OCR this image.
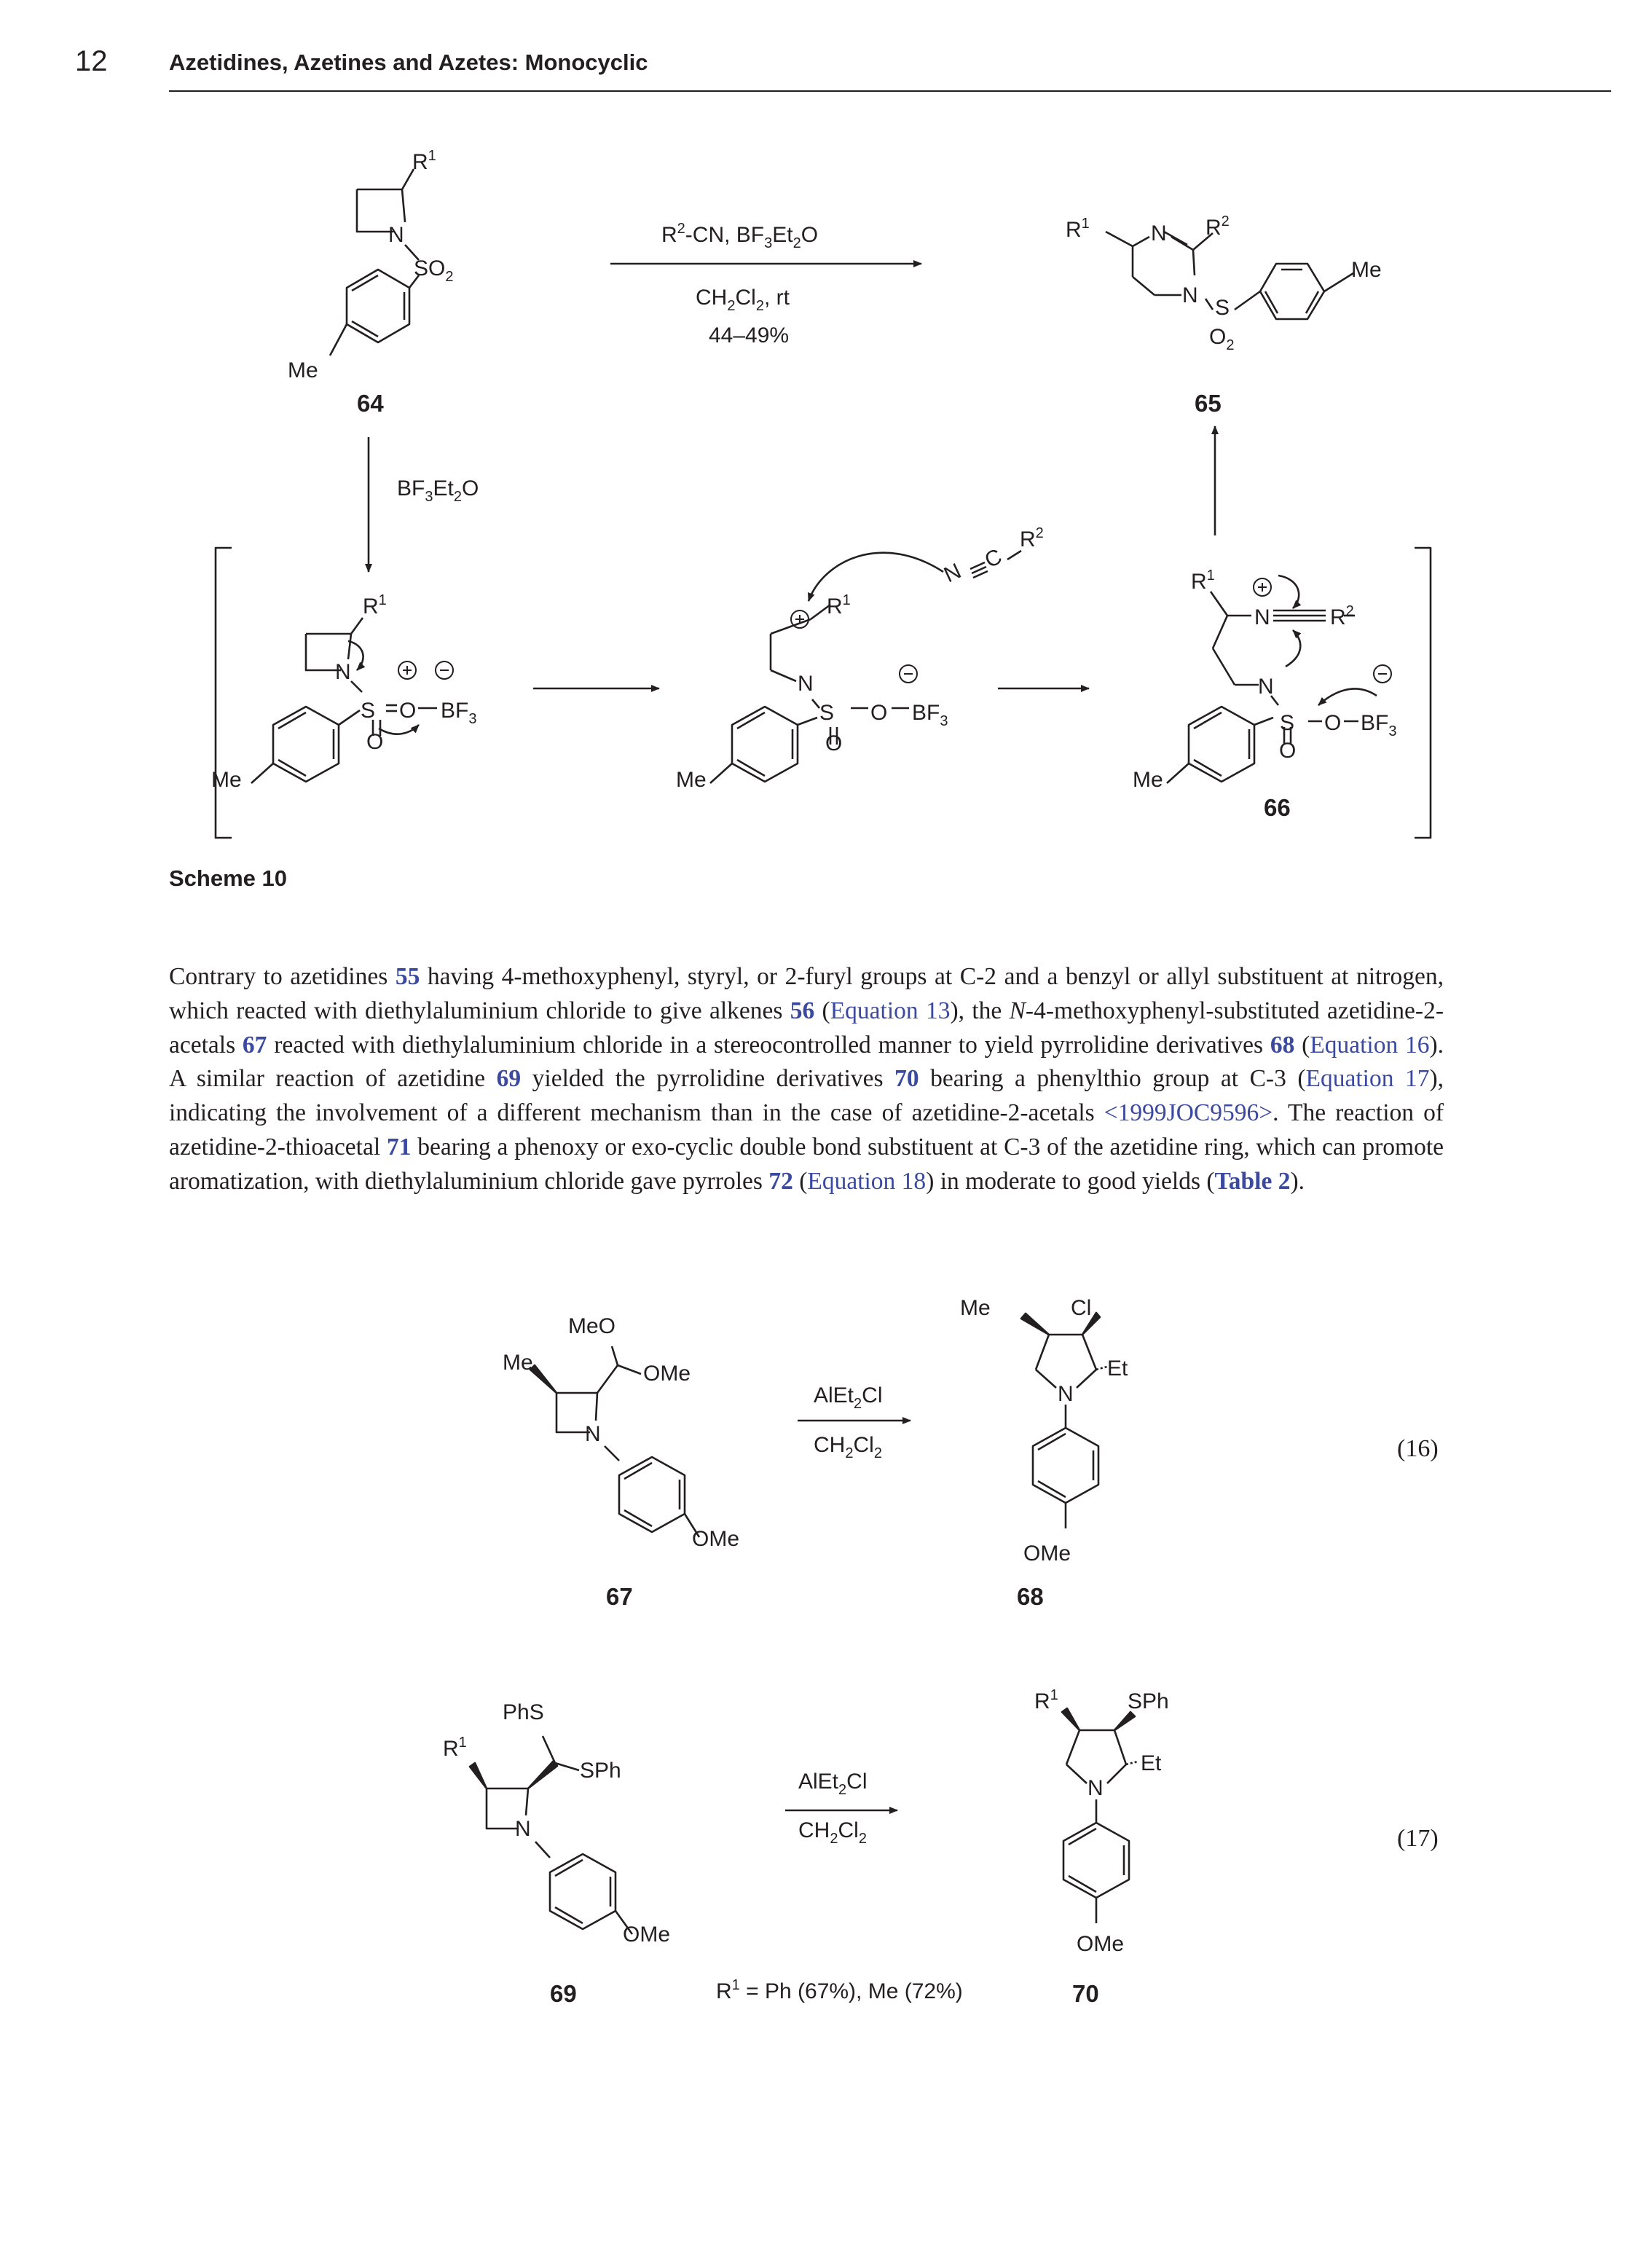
12	Azetidines, Azetines and Azetes: Monocyclic
$R^1$
N
$SO_2$
Me
64
$R^2-CN$, $BF_3Et_2O$
$CH_2Cl_2$, rt
44–49%
$R^1$	N $R^2$
N
S
$O_2$
Me
65
$BF_3Et_2O$
$R^1$
N
S O $BF_3$
O
Me
$R^1$
N
S O $BF_3$
O
Me
N
C
$R^2$
$R^1$
N	$R^2$
N
S O $BF_3$
O
Me
66
MeO
Me	OMe
N
OMe
67
AlEt$_2$Cl
$CH_2Cl_2$
Me	Cl
N
Et
OMe
68
PhS
$R^1$
SPh
N
OMe
69
AlEt$_2$Cl
$CH_2Cl_2$
$R^1$	SPh
N
Et
OMe
$R^1 = Ph$ (67%), Me (72%)	70
Scheme 10
Contrary to azetidines 55 having 4-methoxyphenyl, styryl, or 2-furyl groups at C-2 and a benzyl or allyl substituent at nitrogen, which reacted with diethylaluminium chloride to give alkenes 56 (Equation 13), the N-4-methoxyphenyl-substituted azetidine-2-acetals 67 reacted with diethylaluminium chloride in a stereocontrolled manner to yield pyrrolidine derivatives 68 (Equation 16). A similar reaction of azetidine 69 yielded the pyrrolidine derivatives 70 bearing a phenylthio group at C-3 (Equation 17), indicating the involvement of a different mechanism than in the case of azetidine-2-acetals <1999JOC9596>. The reaction of azetidine-2-thioacetal 71 bearing a phenoxy or exo-cyclic double bond substituent at C-3 of the azetidine ring, which can promote aromatization, with diethylaluminium chloride gave pyrroles 72 (Equation 18) in moderate to good yields (Table 2).
(16)
(17)
